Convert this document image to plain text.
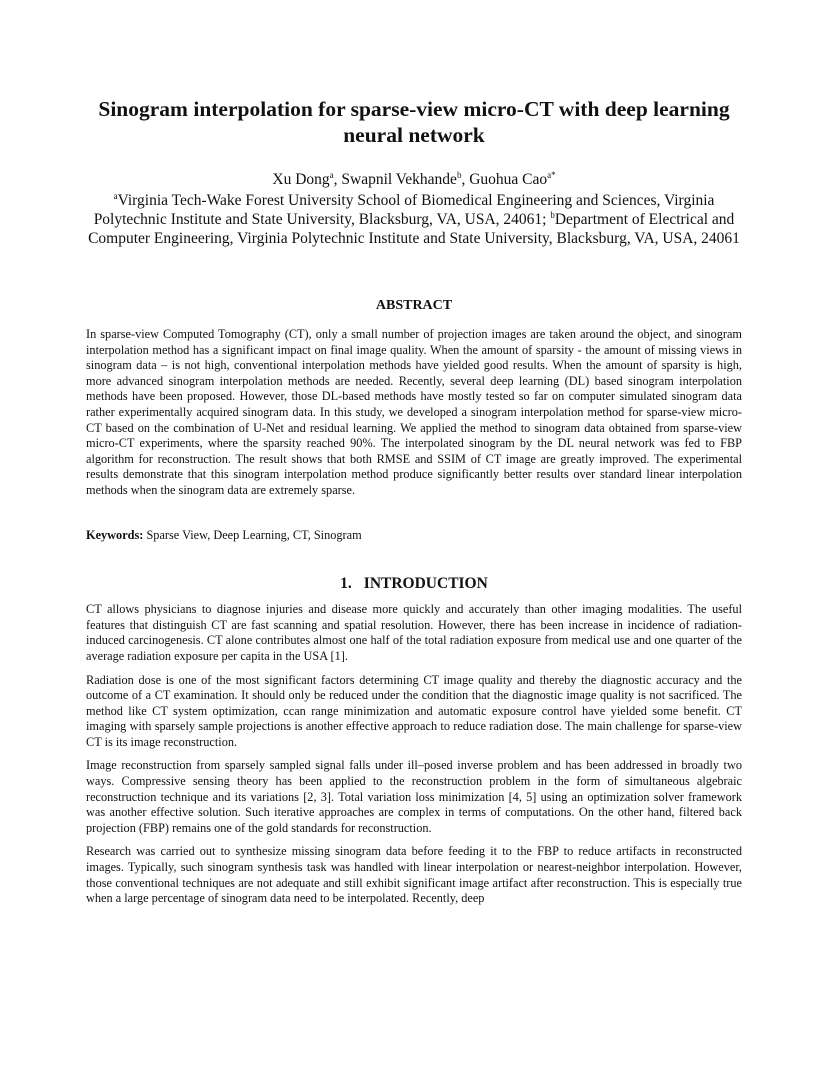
Sinogram interpolation for sparse-view micro-CT with deep learning neural network
Xu Dong$^a$, Swapnil Vekhande$^b$, Guohua Cao$^{a*}$
$^a$Virginia Tech-Wake Forest University School of Biomedical Engineering and Sciences, Virginia Polytechnic Institute and State University, Blacksburg, VA, USA, 24061; $^b$Department of Electrical and Computer Engineering, Virginia Polytechnic Institute and State University, Blacksburg, VA, USA, 24061
ABSTRACT

In sparse-view Computed Tomography (CT), only a small number of projection images are taken around the object, and sinogram interpolation method has a significant impact on final image quality. When the amount of sparsity - the amount of missing views in sinogram data – is not high, conventional interpolation methods have yielded good results. When the amount of sparsity is high, more advanced sinogram interpolation methods are needed. Recently, several deep learning (DL) based sinogram interpolation methods have been proposed. However, those DL-based methods have mostly tested so far on computer simulated sinogram data rather experimentally acquired sinogram data. In this study, we developed a sinogram interpolation method for sparse-view micro-CT based on the combination of U-Net and residual learning. We applied the method to sinogram data obtained from sparse-view micro-CT experiments, where the sparsity reached 90%. The interpolated sinogram by the DL neural network was fed to FBP algorithm for reconstruction. The result shows that both RMSE and SSIM of CT image are greatly improved. The experimental results demonstrate that this sinogram interpolation method produce significantly better results over standard linear interpolation methods when the sinogram data are extremely sparse.

Keywords: Sparse View, Deep Learning, CT, Sinogram
1. INTRODUCTION

CT allows physicians to diagnose injuries and disease more quickly and accurately than other imaging modalities. The useful features that distinguish CT are fast scanning and spatial resolution. However, there has been increase in incidence of radiation-induced carcinogenesis. CT alone contributes almost one half of the total radiation exposure from medical use and one quarter of the average radiation exposure per capita in the USA [1].

Radiation dose is one of the most significant factors determining CT image quality and thereby the diagnostic accuracy and the outcome of a CT examination. It should only be reduced under the condition that the diagnostic image quality is not sacrificed. The method like CT system optimization, ccan range minimization and automatic exposure control have yielded some benefit. CT imaging with sparsely sample projections is another effective approach to reduce radiation dose. The main challenge for sparse-view CT is its image reconstruction.

Image reconstruction from sparsely sampled signal falls under ill–posed inverse problem and has been addressed in broadly two ways. Compressive sensing theory has been applied to the reconstruction problem in the form of simultaneous algebraic reconstruction technique and its variations [2, 3]. Total variation loss minimization [4, 5] using an optimization solver framework was another effective solution. Such iterative approaches are complex in terms of computations. On the other hand, filtered back projection (FBP) remains one of the gold standards for reconstruction.

Research was carried out to synthesize missing sinogram data before feeding it to the FBP to reduce artifacts in reconstructed images. Typically, such sinogram synthesis task was handled with linear interpolation or nearest-neighbor interpolation. However, those conventional techniques are not adequate and still exhibit significant image artifact after reconstruction. This is especially true when a large percentage of sinogram data need to be interpolated. Recently, deep
